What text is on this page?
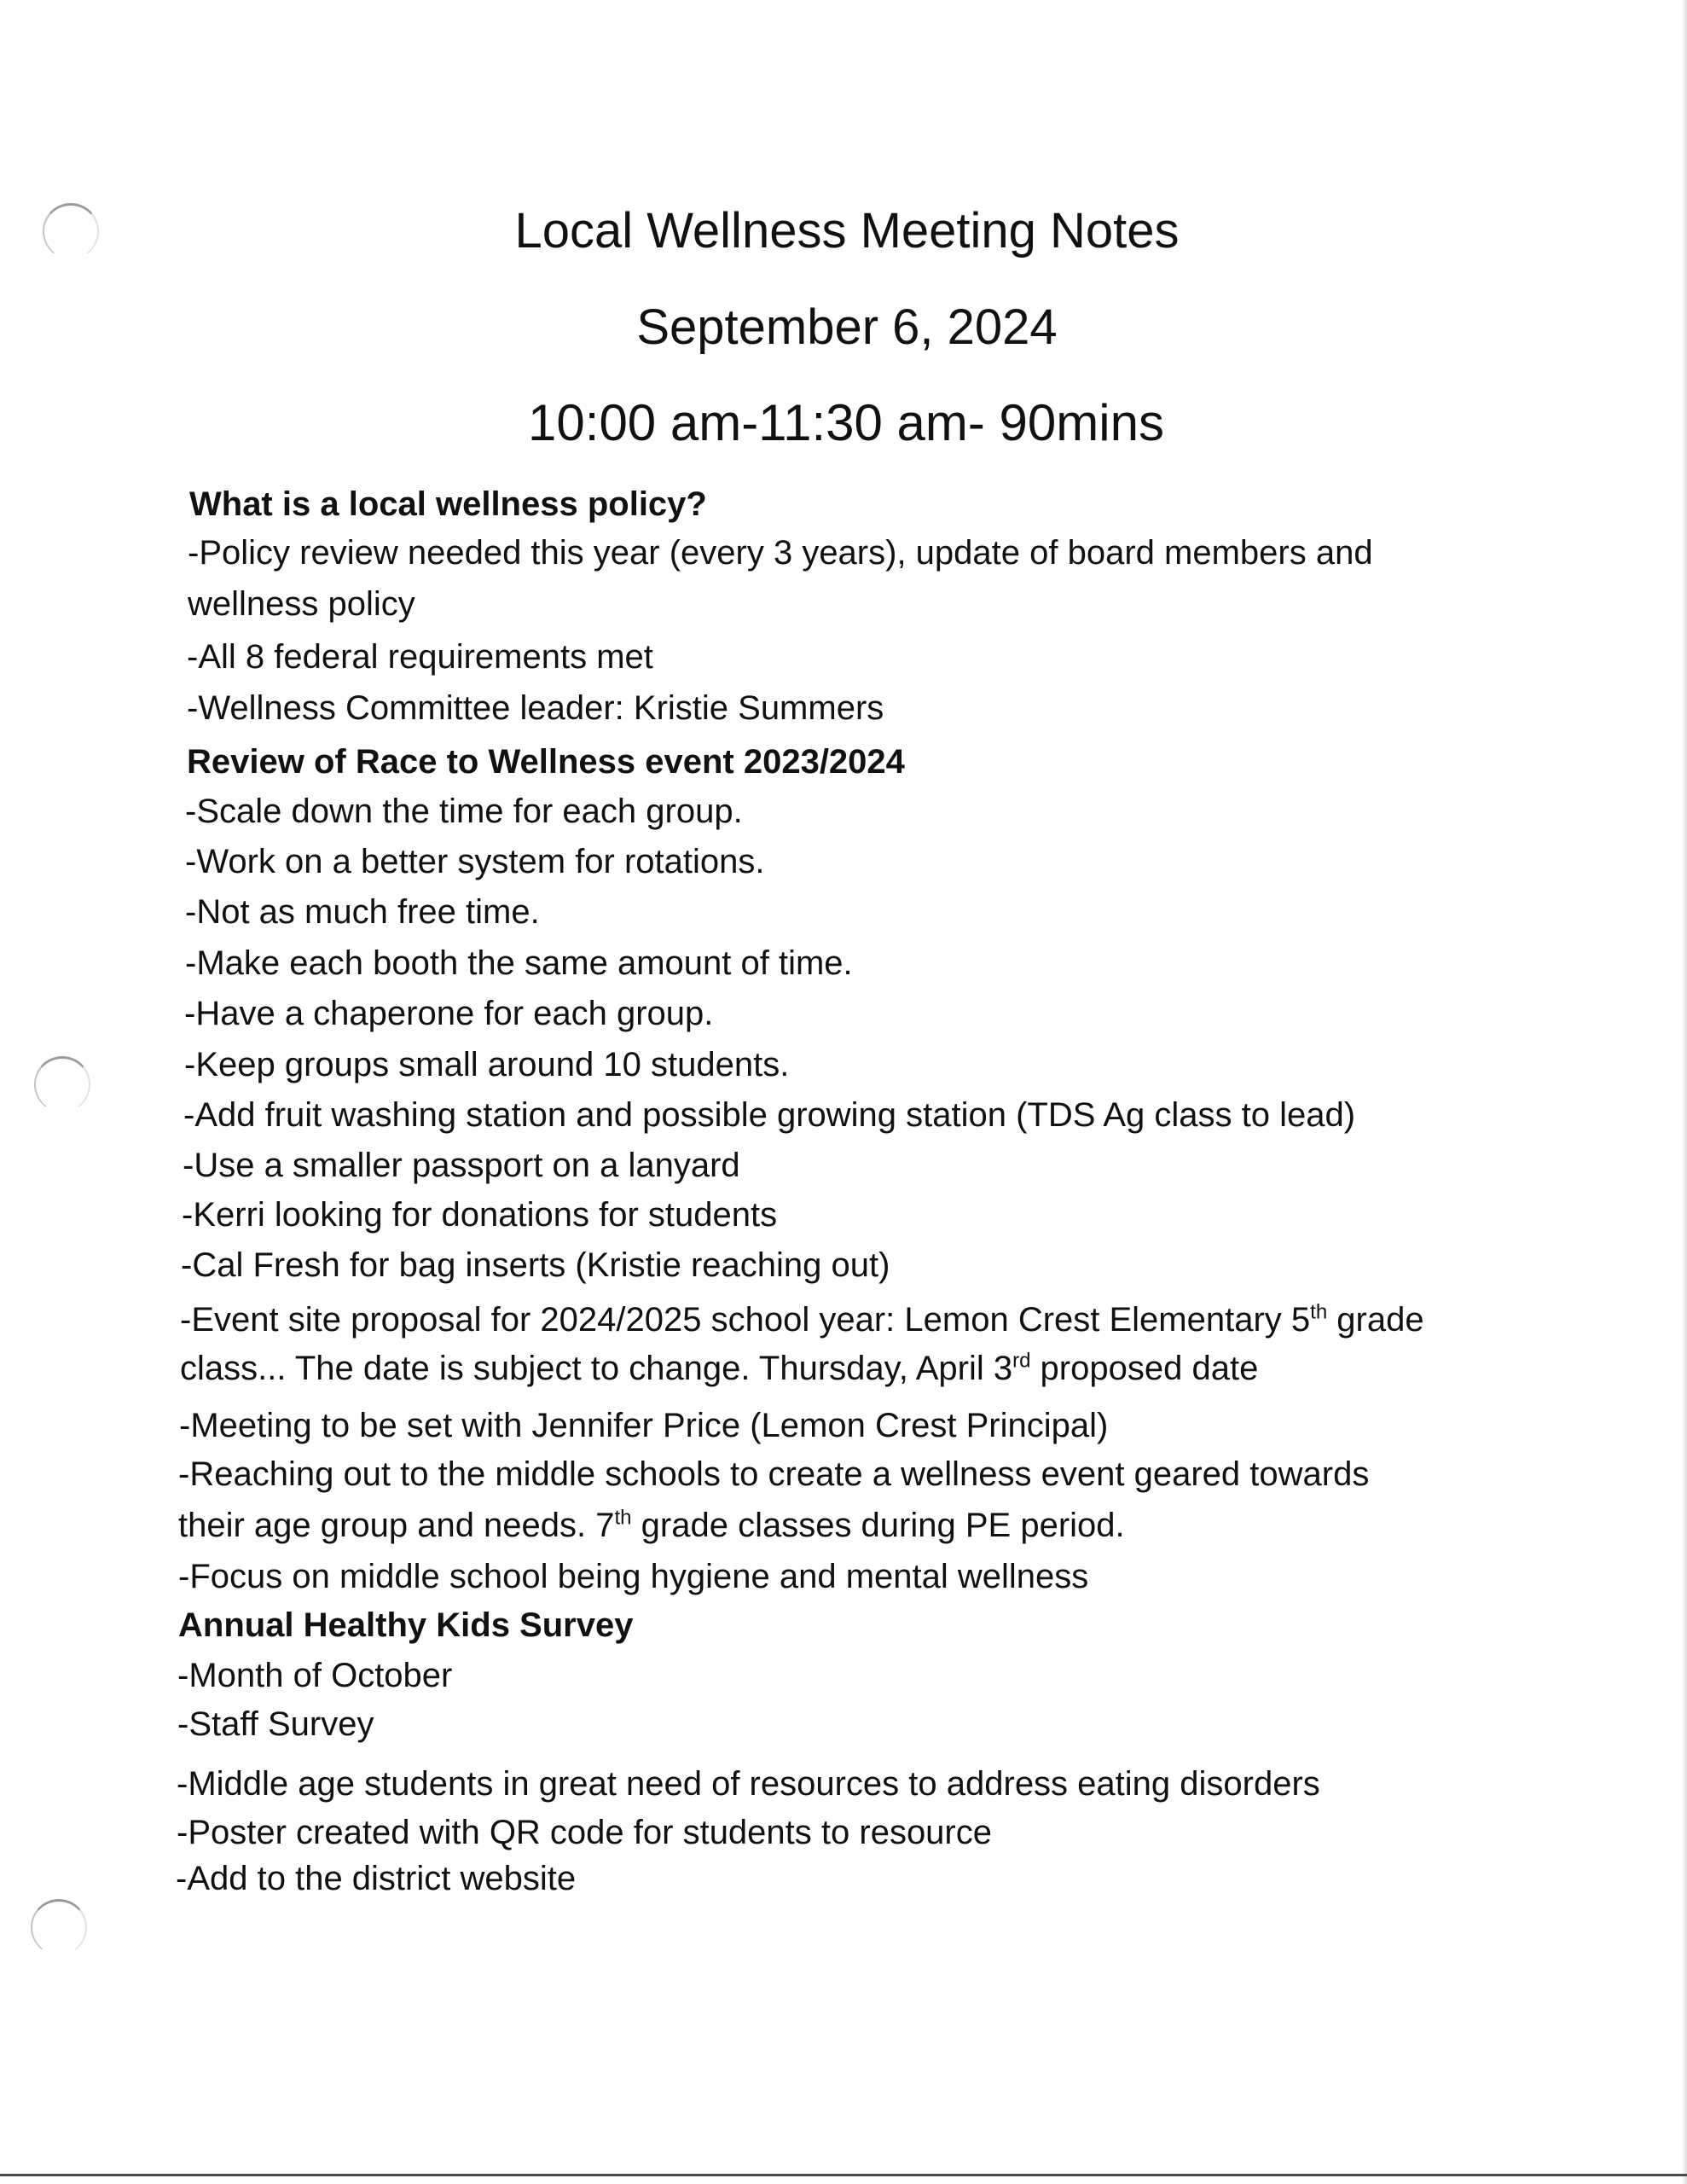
Local Wellness Meeting Notes
September 6, 2024
10:00 am-11:30 am- 90mins
What is a local wellness policy?
-Policy review needed this year (every 3 years), update of board members and
wellness policy
-All 8 federal requirements met
-Wellness Committee leader: Kristie Summers
Review of Race to Wellness event 2023/2024
-Scale down the time for each group.
-Work on a better system for rotations.
-Not as much free time.
-Make each booth the same amount of time.
-Have a chaperone for each group.
-Keep groups small around 10 students.
-Add fruit washing station and possible growing station (TDS Ag class to lead)
-Use a smaller passport on a lanyard
-Kerri looking for donations for students
-Cal Fresh for bag inserts (Kristie reaching out)
-Event site proposal for 2024/2025 school year: Lemon Crest Elementary 5th grade
class... The date is subject to change. Thursday, April 3rd proposed date
-Meeting to be set with Jennifer Price (Lemon Crest Principal)
-Reaching out to the middle schools to create a wellness event geared towards
their age group and needs. 7th grade classes during PE period.
-Focus on middle school being hygiene and mental wellness
Annual Healthy Kids Survey
-Month of October
-Staff Survey
-Middle age students in great need of resources to address eating disorders
-Poster created with QR code for students to resource
-Add to the district website
